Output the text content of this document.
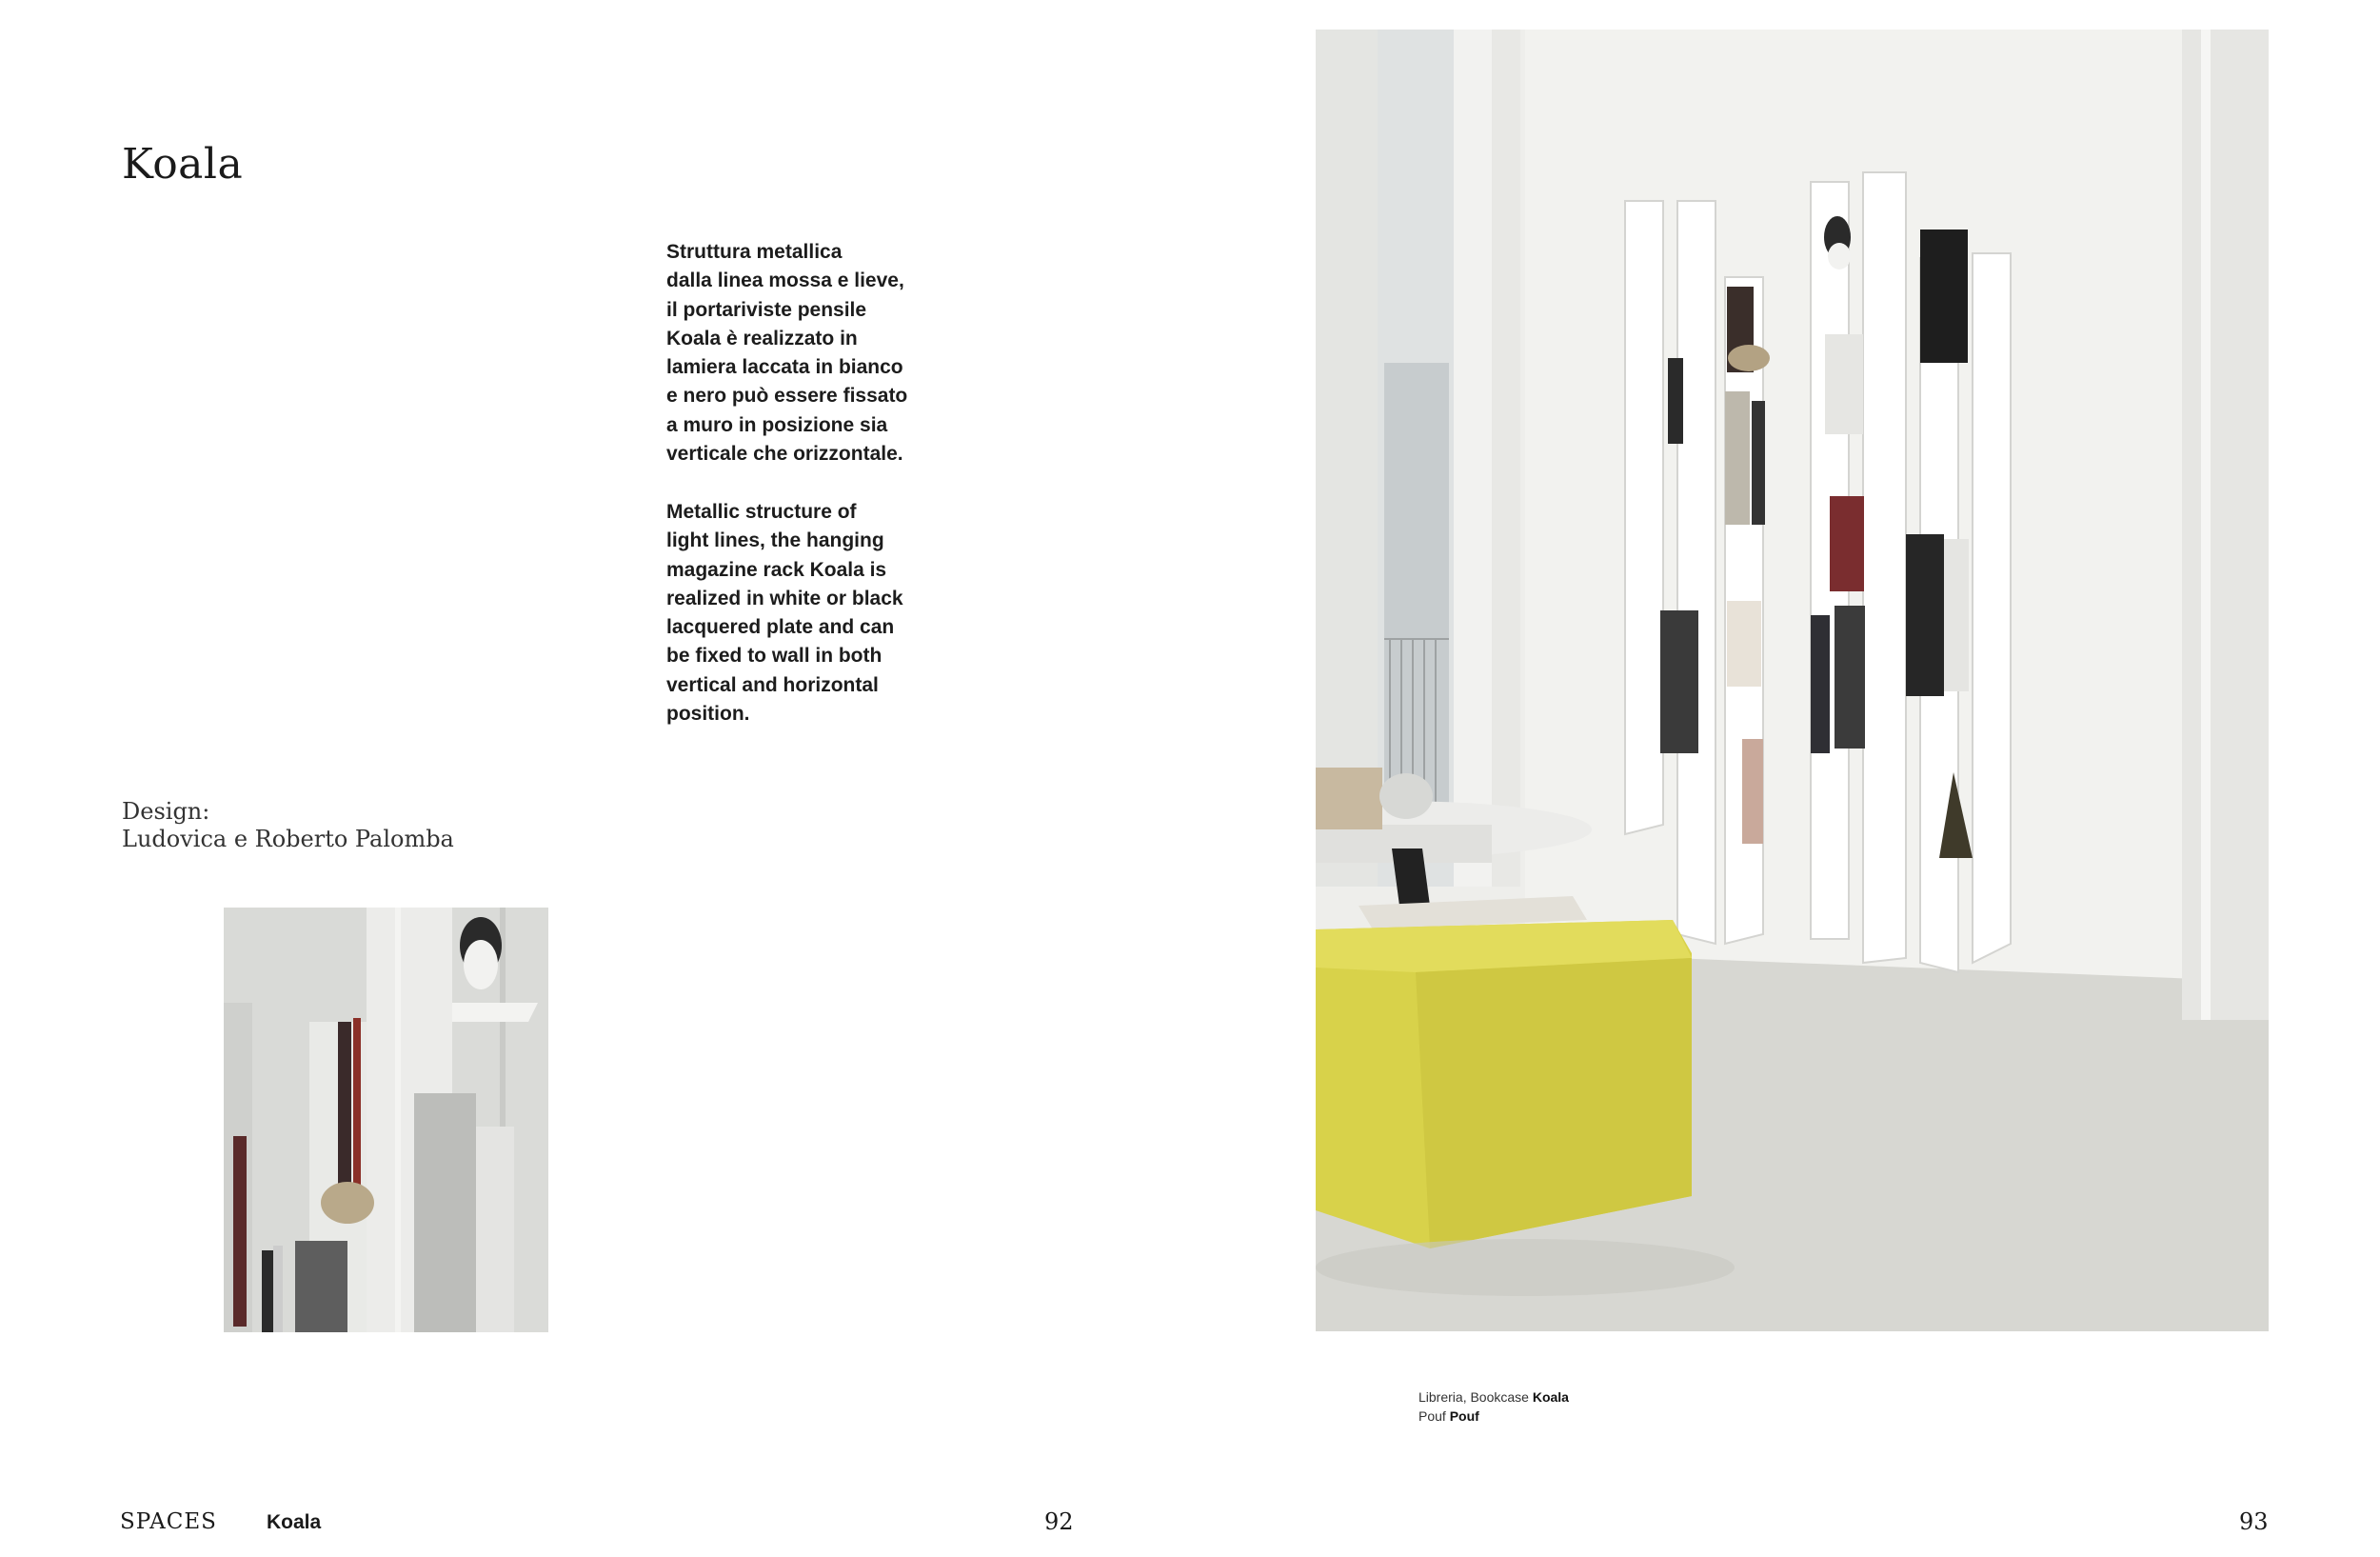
Koala

Struttura metallica
dalla linea mossa e lieve,
il portariviste pensile
Koala è realizzato in
lamiera laccata in bianco
e nero può essere fissato
a muro in posizione sia
verticale che orizzontale.

Metallic structure of
light lines, the hanging
magazine rack Koala is
realized in white or black
lacquered plate and can
be fixed to wall in both
vertical and horizontal
position.

Design:
Ludovica e Roberto Palomba
Libreria, Bookcase Koala
Pouf Pouf
SPACES Koala	92	93
